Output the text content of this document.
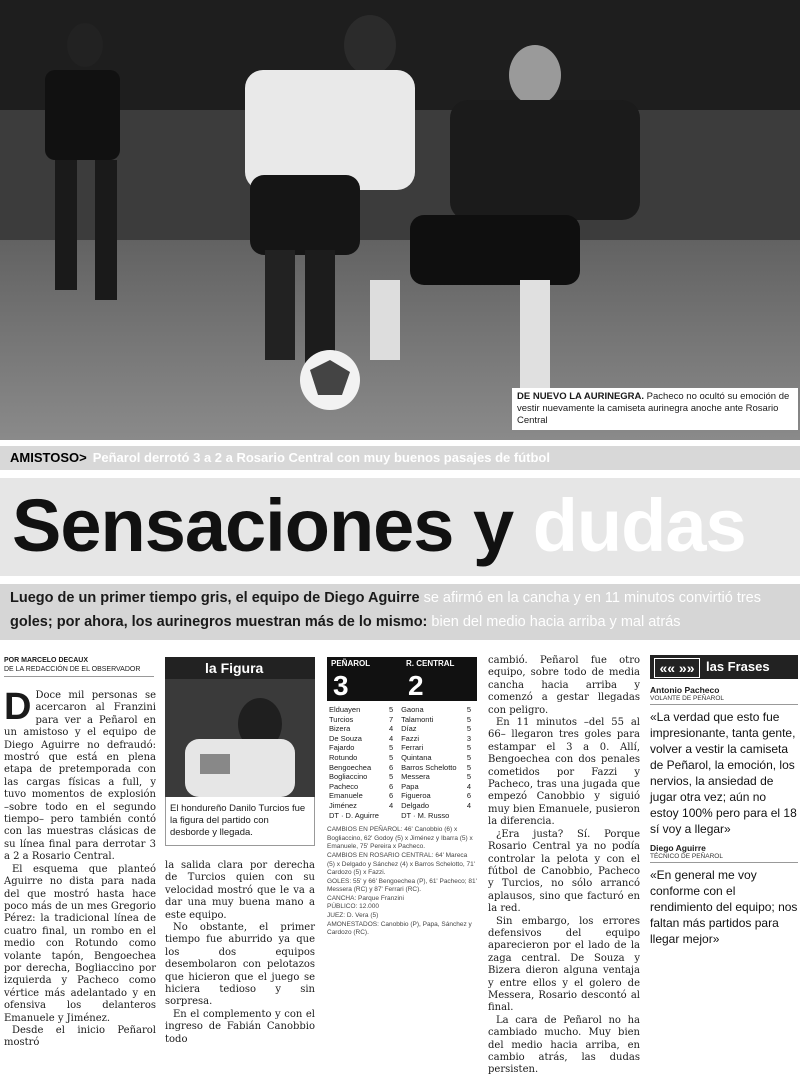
DE NUEVO LA AURINEGRA. Pacheco no ocultó su emoción de vestir nuevamente la camiseta aurinegra anoche ante Rosario Central
AMISTOSO> Peñarol derrotó 3 a 2 a Rosario Central con muy buenos pasajes de fútbol
Sensaciones y dudas
Luego de un primer tiempo gris, el equipo de Diego Aguirre se afirmó en la cancha y en 11 minutos convirtió tres goles; por ahora, los aurinegros muestran más de lo mismo: bien del medio hacia arriba y mal atrás
POR MARCELO DECAUX
DE LA REDACCIÓN DE EL OBSERVADOR

D Doce mil personas se acercaron al Franzini para ver a Peñarol en un amistoso y el equipo de Diego Aguirre no defraudó: mostró que está en plena etapa de pretemporada con las cargas físicas a full, y tuvo momentos de explosión –sobre todo en el segundo tiempo– pero también contó con las muestras clásicas de su línea final para derrotar 3 a 2 a Rosario Central.

El esquema que planteó Aguirre no dista para nada del que mostró hasta hace poco más de un mes Gregorio Pérez: la tradicional línea de cuatro final, un rombo en el medio con Rotundo como volante tapón, Bengoechea por derecha, Bogliaccino por izquierda y Pacheco como vértice más adelantado y en ofensiva los delanteros Emanuele y Jiménez.

Desde el inicio Peñarol mostró

la Figura
El hondureño Danilo Turcios fue la figura del partido con desborde y llegada.

la salida clara por derecha de Turcios quien con su velocidad mostró que le va a dar una muy buena mano a este equipo.

No obstante, el primer tiempo fue aburrido ya que los dos equipos desembolaron con pelotazos que hicieron que el juego se hiciera tedioso y sin sorpresa.

En el complemento y con el ingreso de Fabián Canobbio todo

PEÑAROL	R. CENTRAL
3	2
Elduayen	5	Gaona	5
Turcios	7	Talamonti	5
Bizera	4	Díaz	5
De Souza	4	Fazzi	3
Fajardo	5	Ferrari	5
Rotundo	5	Quintana	5
Bengoechea	6	Barros Schelotto	5
Bogliaccino	5	Messera	5
Pacheco	6	Papa	4
Emanuele	6	Figueroa	6
Jiménez	4	Delgado	4
DT · D. Aguirre		DT · M. Russo	
CAMBIOS EN PEÑAROL: 46' Canobbio (6) x Bogliaccino, 62' Godoy (5) x Jiménez y Ibarra (5) x Emanuele, 75' Pereira x Pacheco.
CAMBIOS EN ROSARIO CENTRAL: 64' Mareca (5) x Delgado y Sánchez (4) x Barros Schelotto, 71' Cardozo (5) x Fazzi.
GOLES: 55' y 66' Bengoechea (P), 61' Pacheco; 81' Messera (RC) y 87' Ferrari (RC).
CANCHA: Parque Franzini
PÚBLICO: 12.000
JUEZ: D. Vera (5)
AMONESTADOS: Canobbio (P), Papa, Sánchez y Cardozo (RC).

cambió. Peñarol fue otro equipo, sobre todo de media cancha hacia arriba y comenzó a gestar llegadas con peligro.

En 11 minutos –del 55 al 66– llegaron tres goles para estampar el 3 a 0. Allí, Bengoechea con dos penales cometidos por Fazzi y Pacheco, tras una jugada que empezó Canobbio y siguió muy bien Emanuele, pusieron la diferencia.

¿Era justa? Sí. Porque Rosario Central ya no podía controlar la pelota y con el fútbol de Canobbio, Pacheco y Turcios, no sólo arrancó aplausos, sino que facturó en la red.

Sin embargo, los errores defensivos del equipo aparecieron por el lado de la zaga central. De Souza y Bizera dieron alguna ventaja y entre ellos y el golero de Messera, Rosario descontó al final.

La cara de Peñarol no ha cambiado mucho. Muy bien del medio hacia arriba, en cambio atrás, las dudas persisten.

«« »» las Frases
Antonio Pacheco
VOLANTE DE PEÑAROL
«La verdad que esto fue impresionante, tanta gente, volver a vestir la camiseta de Peñarol, la emoción, los nervios, la ansiedad de jugar otra vez; aún no estoy 100% pero para el 18 sí voy a llegar»
Diego Aguirre
TÉCNICO DE PEÑAROL
«En general me voy conforme con el rendimiento del equipo; nos faltan más partidos para llegar mejor»
